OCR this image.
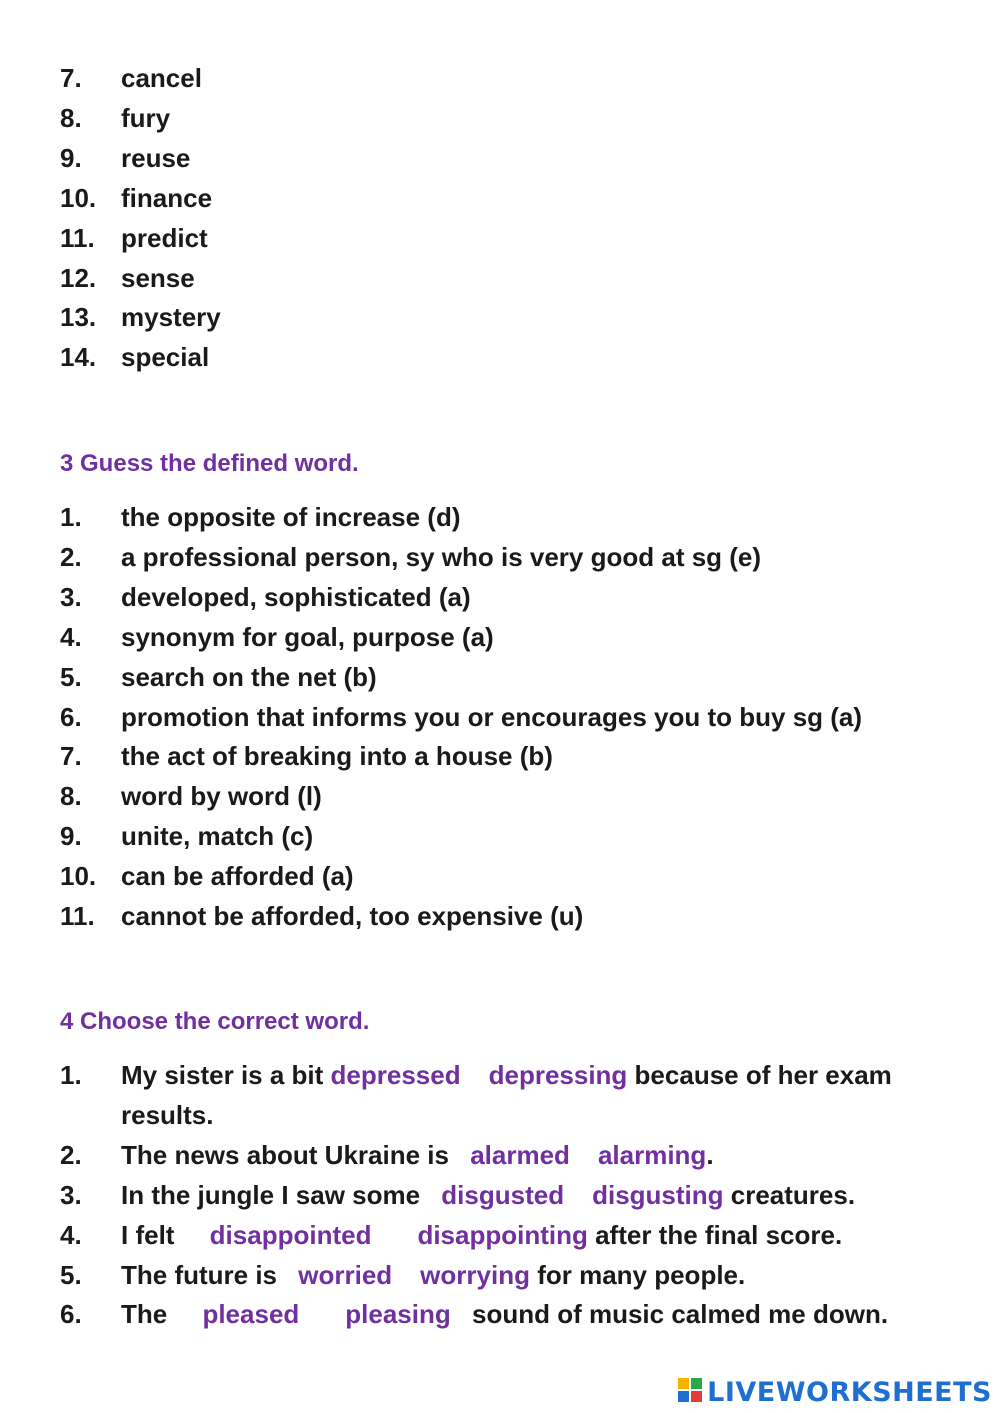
7. cancel
8. fury
9. reuse
10. finance
11. predict
12. sense
13. mystery
14. special
3 Guess the defined word.
1. the opposite of increase (d)
2. a professional person, sy who is very good at sg (e)
3. developed, sophisticated (a)
4. synonym for goal, purpose (a)
5. search on the net (b)
6. promotion that informs you or encourages you to buy sg (a)
7. the act of breaking into a house (b)
8. word by word (l)
9. unite, match (c)
10. can be afforded (a)
11. cannot be afforded, too expensive (u)
4 Choose the correct word.
1. My sister is a bit depressed depressing because of her exam results.
2. The news about Ukraine is alarmed alarming.
3. In the jungle I saw some disgusted disgusting creatures.
4. I felt disappointed disappointing after the final score.
5. The future is worried worrying for many people.
6. The pleased pleasing sound of music calmed me down.
LIVEWORKSHEETS
